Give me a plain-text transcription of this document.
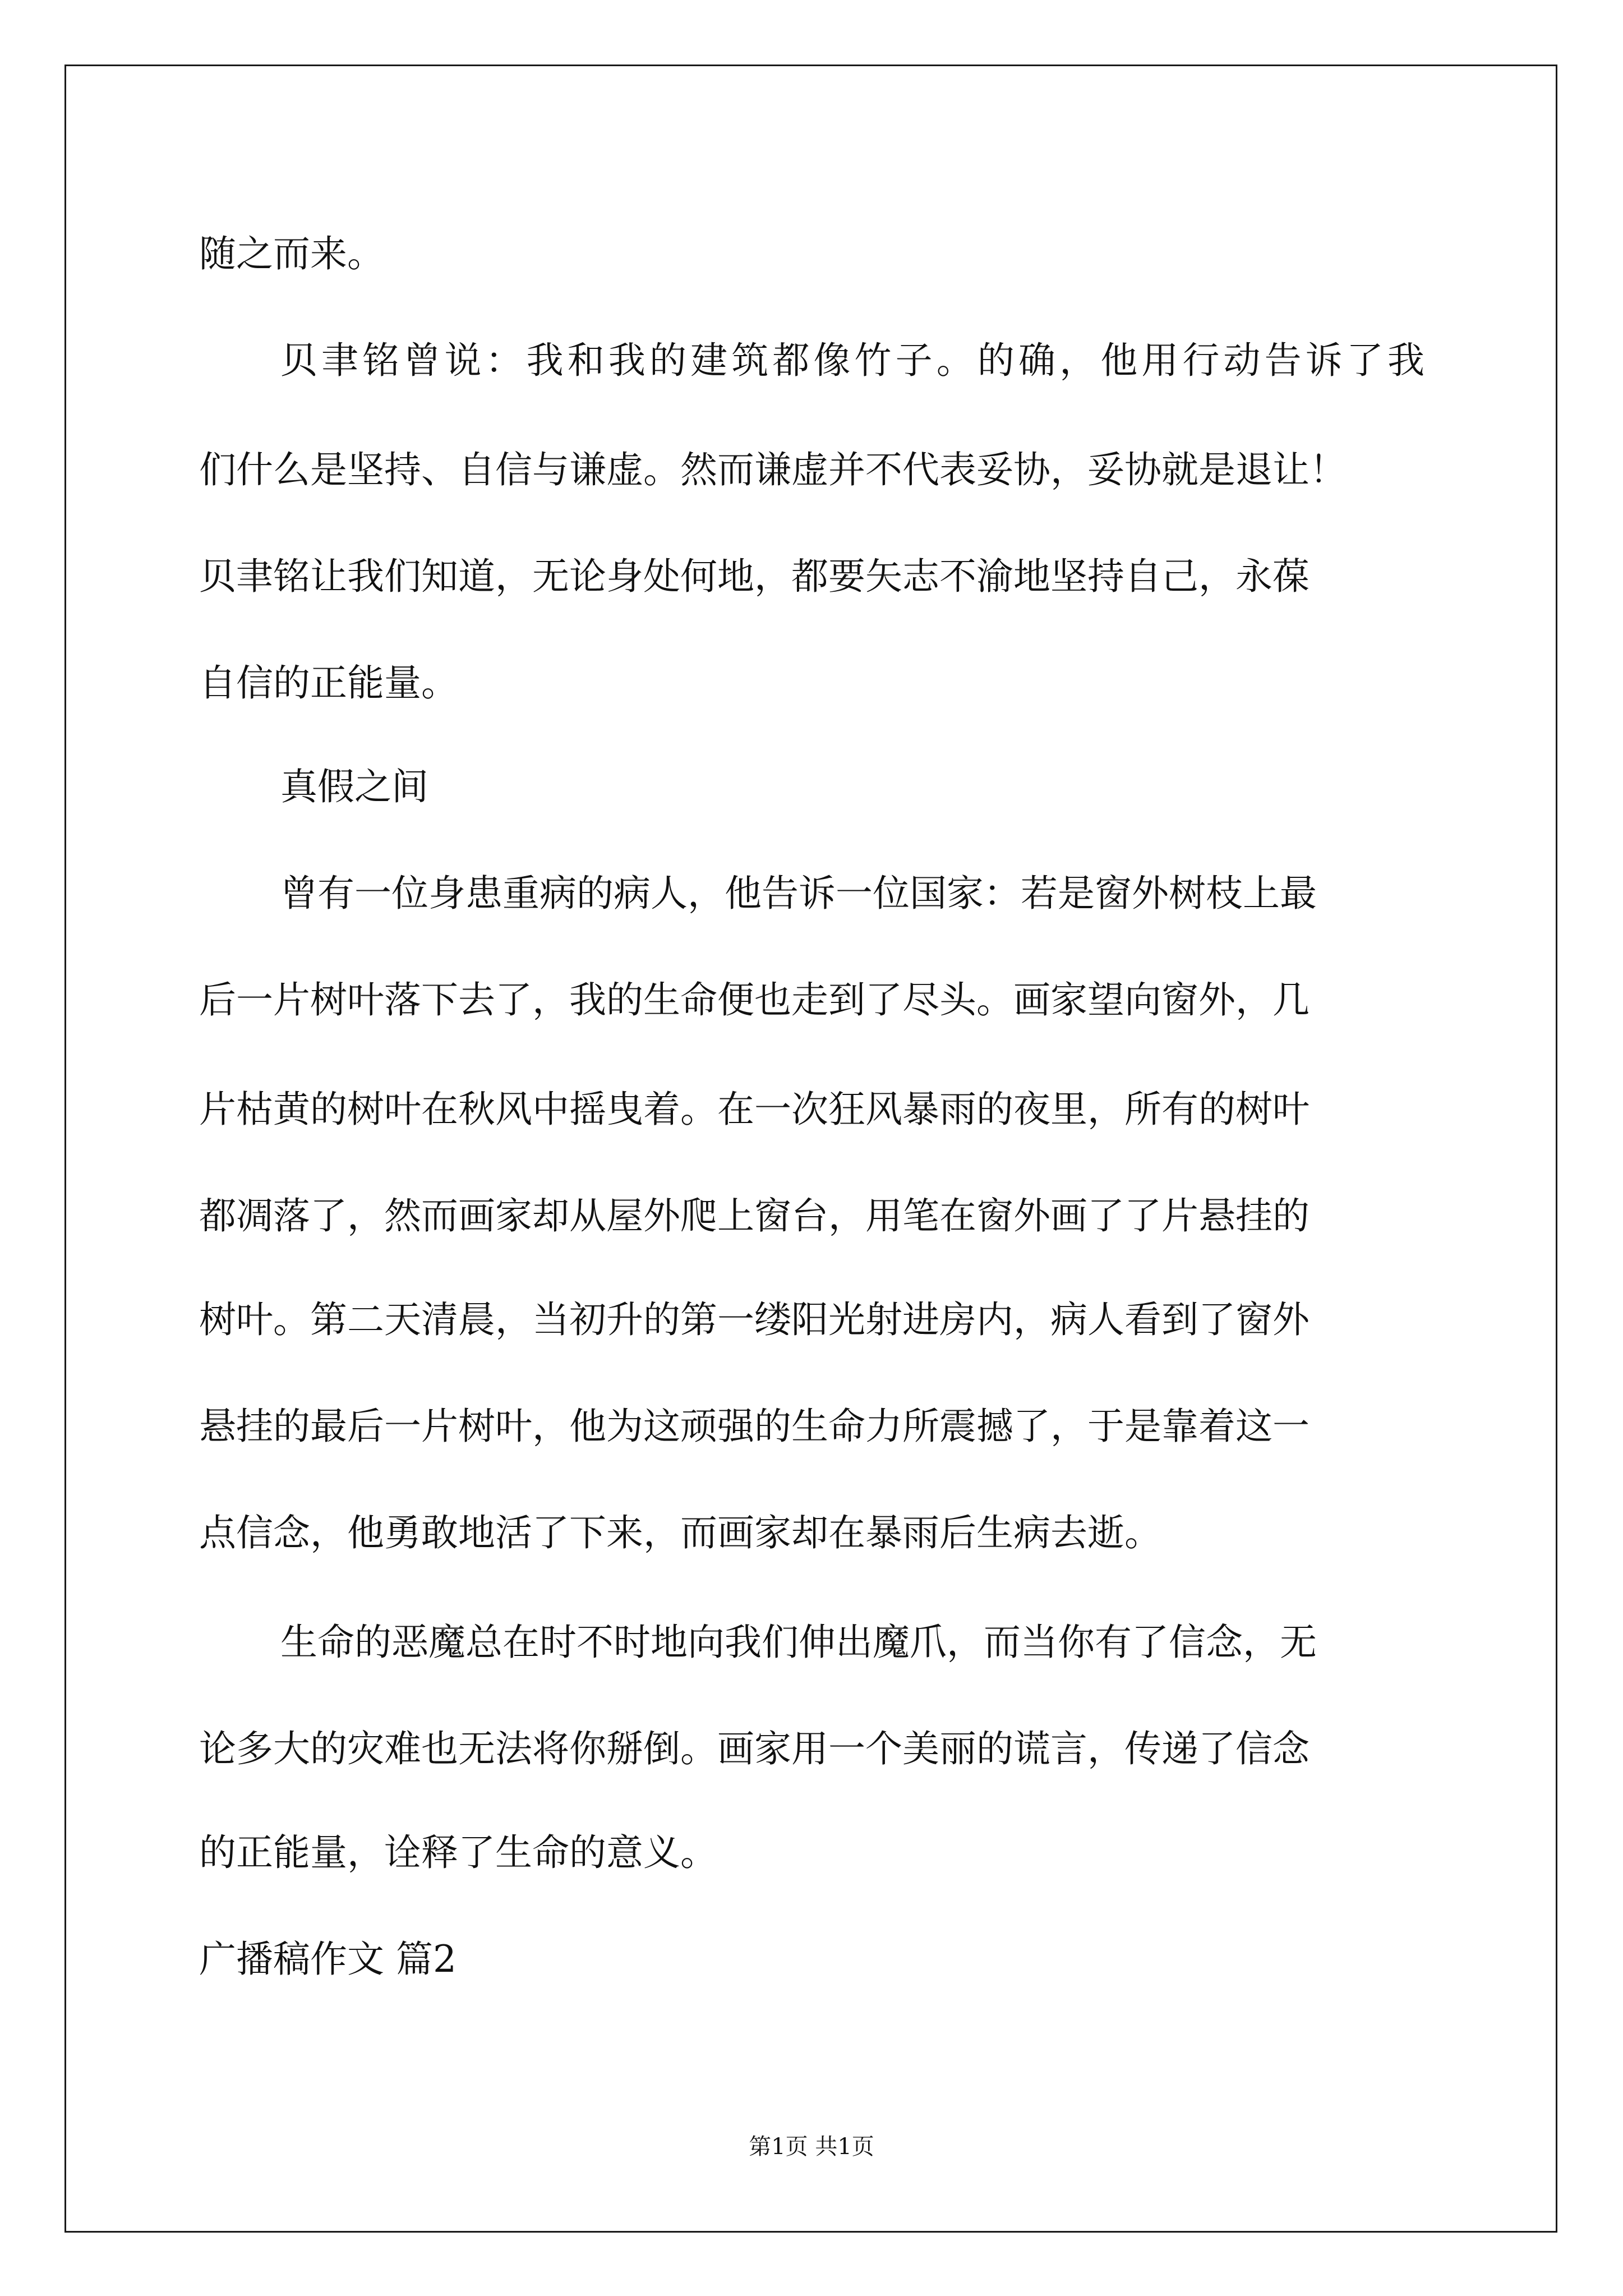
随之而来。
贝聿铭曾说：我和我的建筑都像竹子。的确，他用行动告诉了我
们什么是坚持、自信与谦虚。然而谦虚并不代表妥协，妥协就是退让！
贝聿铭让我们知道，无论身处何地，都要矢志不渝地坚持自己，永葆
自信的正能量。
真假之间
曾有一位身患重病的病人，他告诉一位国家：若是窗外树枝上最
后一片树叶落下去了，我的生命便也走到了尽头。画家望向窗外，几
片枯黄的树叶在秋风中摇曳着。在一次狂风暴雨的夜里，所有的树叶
都凋落了，然而画家却从屋外爬上窗台，用笔在窗外画了了片悬挂的
树叶。第二天清晨，当初升的第一缕阳光射进房内，病人看到了窗外
悬挂的最后一片树叶，他为这顽强的生命力所震撼了，于是靠着这一
点信念，他勇敢地活了下来，而画家却在暴雨后生病去逝。
生命的恶魔总在时不时地向我们伸出魔爪，而当你有了信念，无
论多大的灾难也无法将你掰倒。画家用一个美丽的谎言，传递了信念
的正能量，诠释了生命的意义。
广播稿作文 篇2
第1页 共1页
